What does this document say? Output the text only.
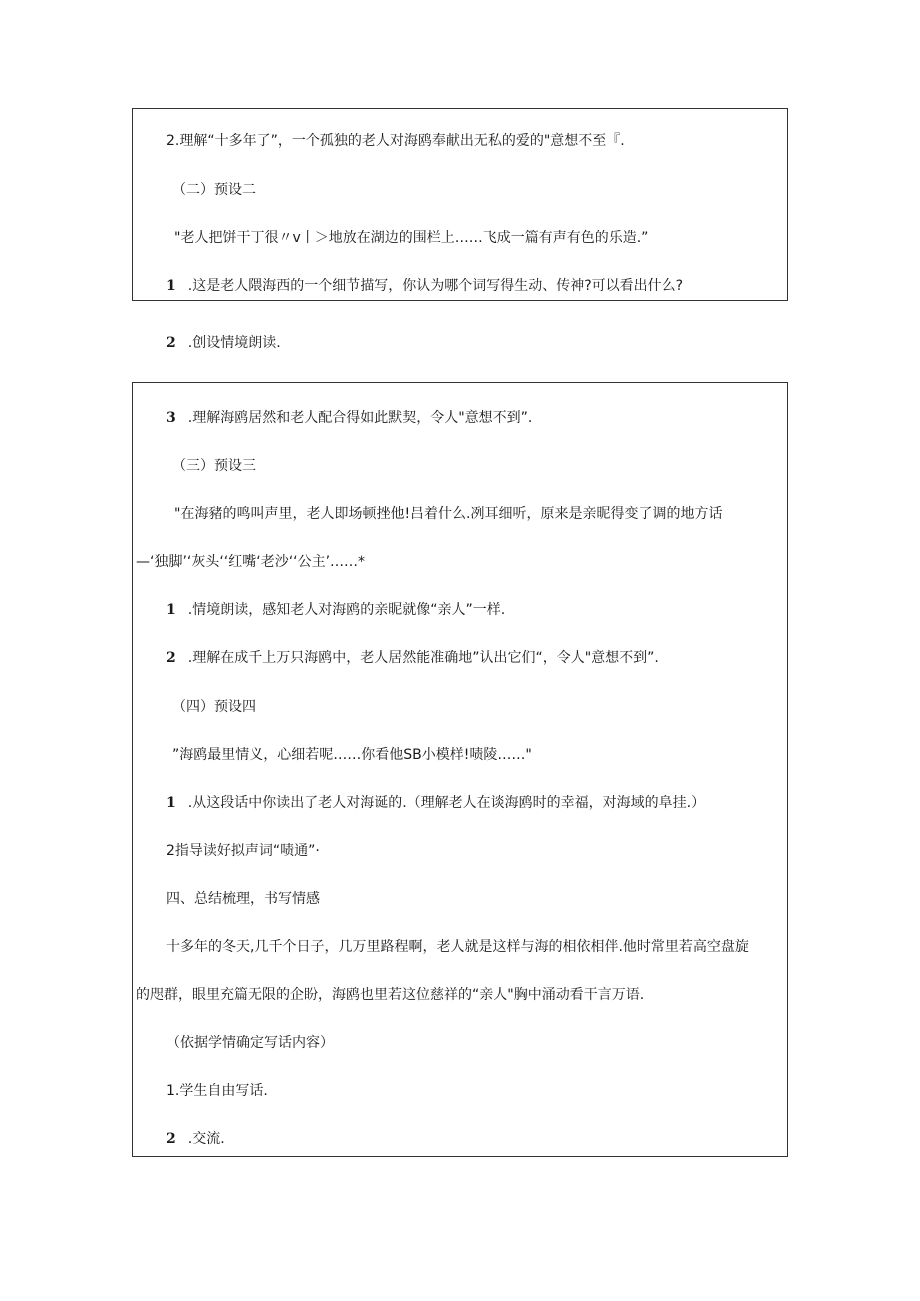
2.理解“十多年了”，一个孤独的老人对海鸥奉献出无私的爱的"意想不至『.
（二）预设二
"老人把饼干丁很〃v丨＞地放在湖边的围栏上……飞成一篇有声有色的乐造.”
1 .这是老人隈海西的一个细节描写，你认为哪个词写得生动、传神?可以看出什么?
2 .创设情境朗读.
3 .理解海鸥居然和老人配合得如此默契，令人"意想不到”.
（三）预设三
"在海豬的鸣叫声里，老人即场顿挫他!吕着什么.冽耳细听，原来是亲昵得变了调的地方话
—‘独脚’‘灰头‘‘红嘴‘老沙‘‘公主’……*
1 .情境朗读，感知老人对海鸥的亲昵就像“亲人”一样.
2 .理解在成千上万只海鸥中，老人居然能准确地”认出它们“，令人"意想不到”.
（四）预设四
”海鸥最里情义，心细若呢……你看他SB小模样!啧陵……"
1 .从这段话中你读出了老人对海诞的.（理解老人在谈海鸥时的幸福，对海域的阜挂.）
2指导读好拟声词“啧通”·
四、总结梳理，书写情感
十多年的冬天,几千个日子，几万里路程啊，老人就是这样与海的相依相伴.他时常里若高空盘旋
的咫群，眼里充篇无限的企盼，海鸥也里若这位慈祥的“亲人"胸中涌动看干言万语.
（依据学情确定写话内容）
1.学生自由写话.
2 .交流.
